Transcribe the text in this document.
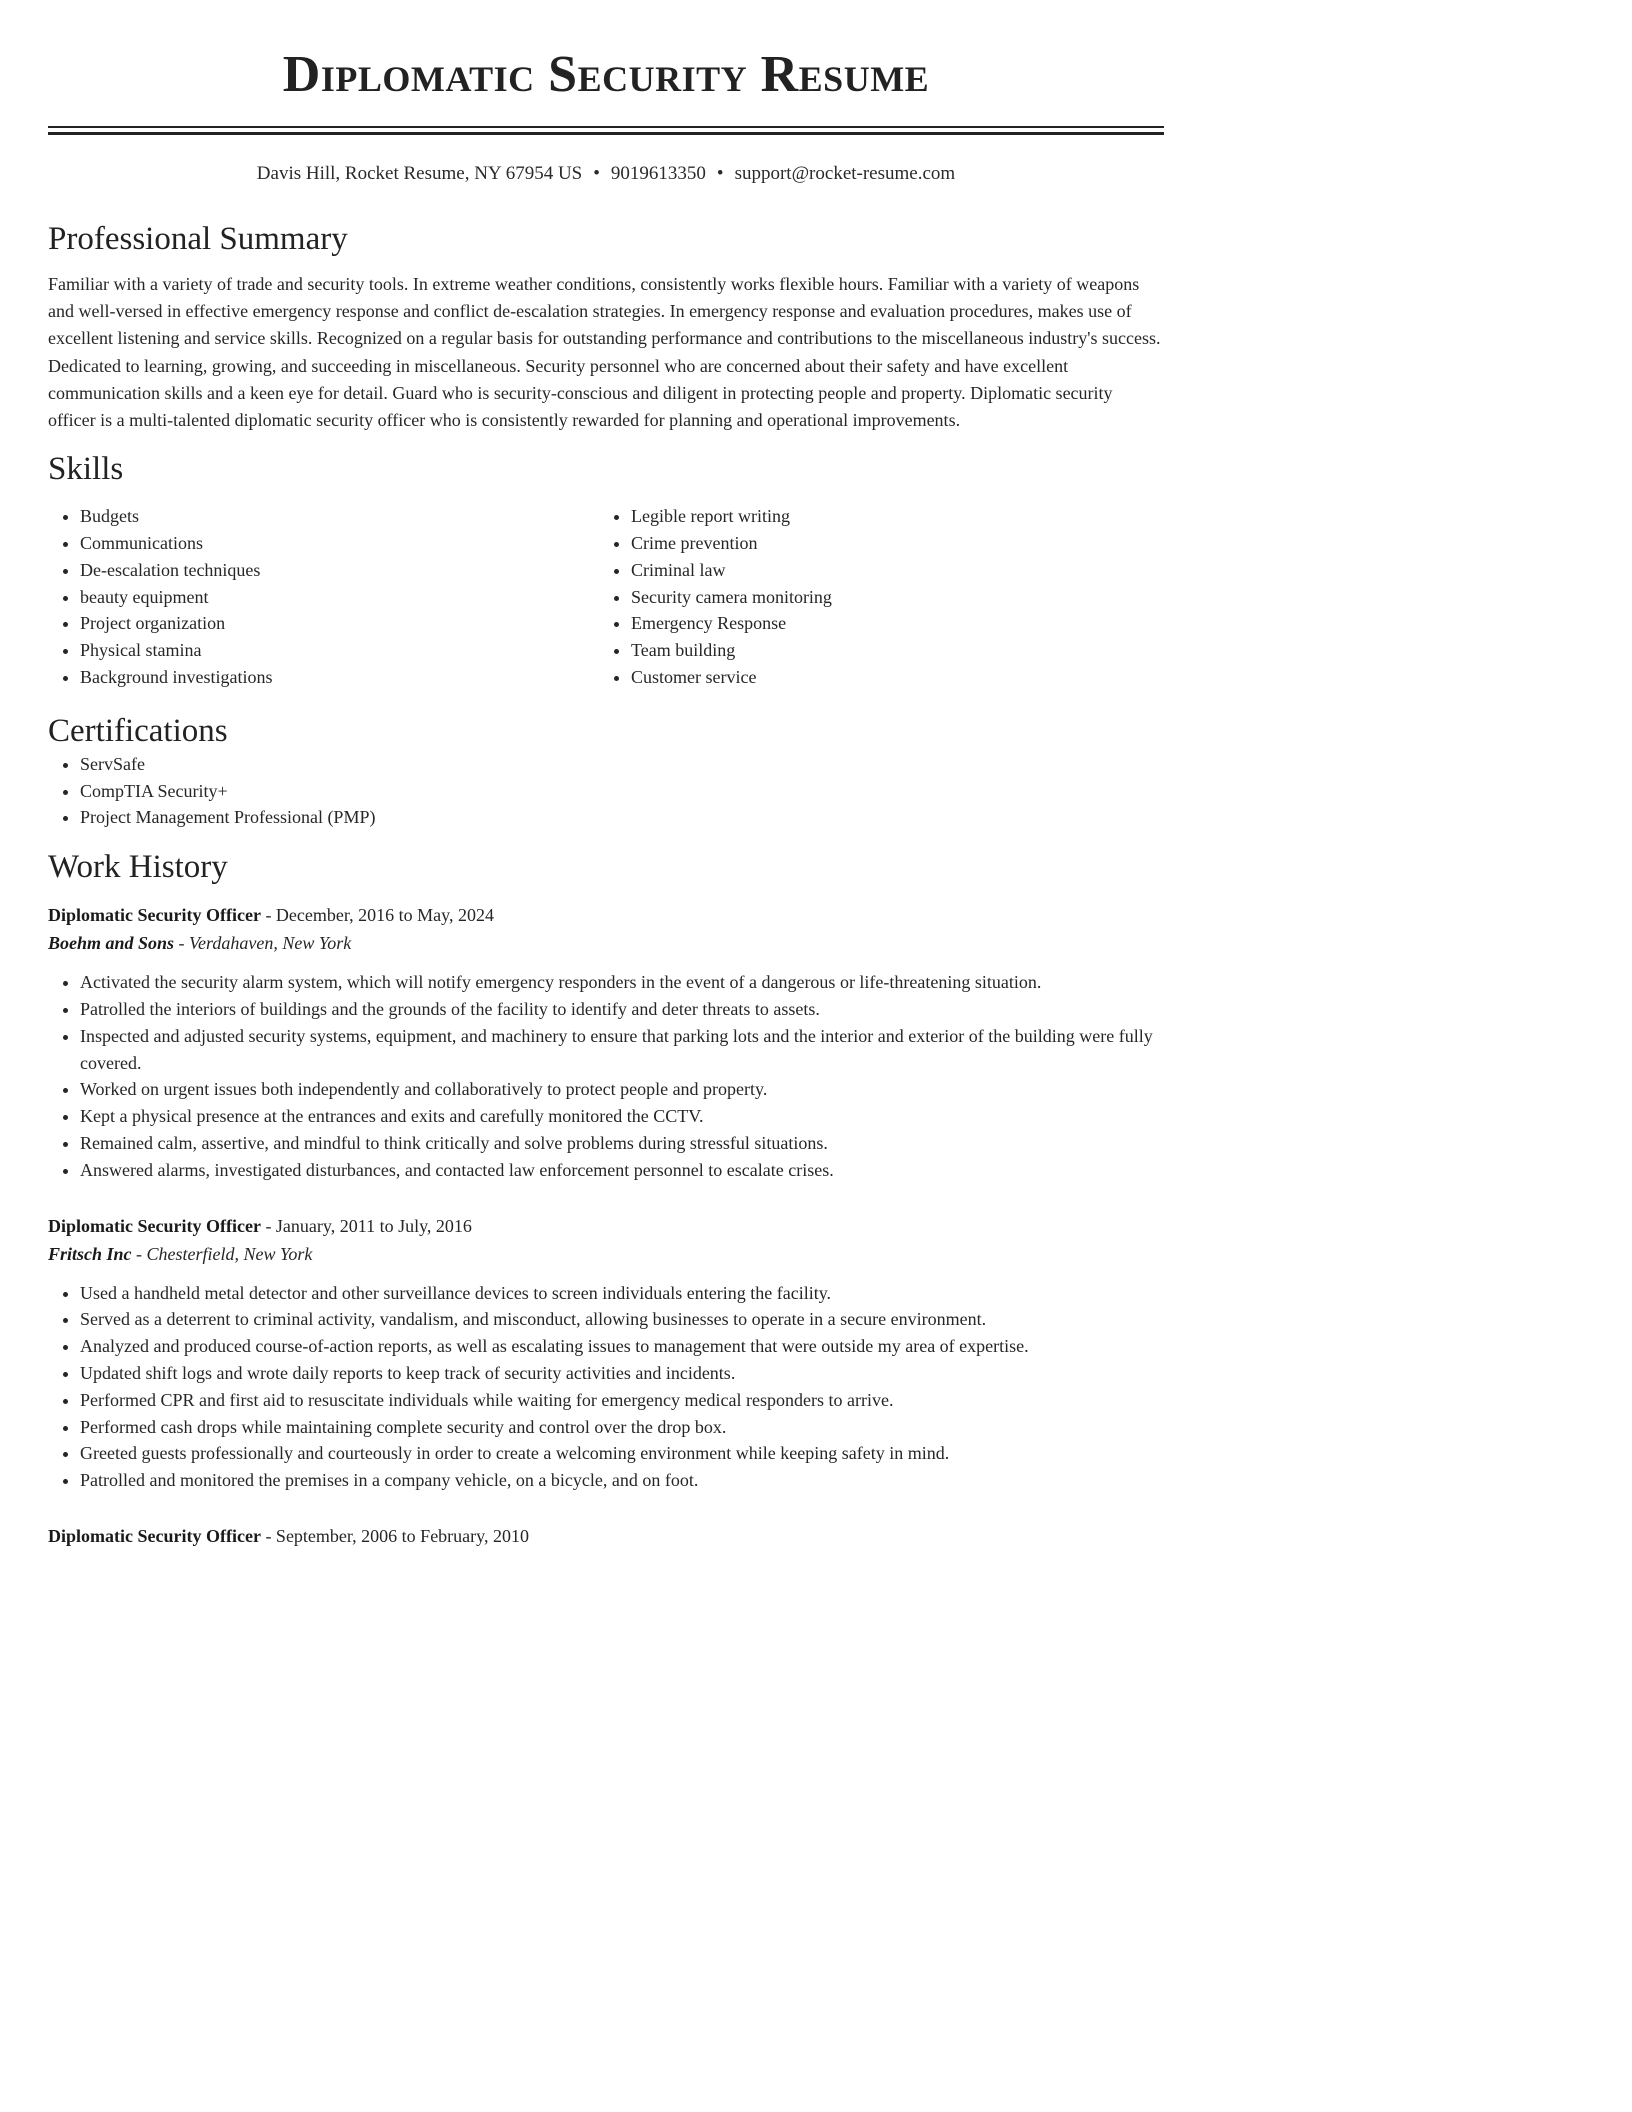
Diplomatic Security Resume
Davis Hill, Rocket Resume, NY 67954 US • 9019613350 • support@rocket-resume.com
Professional Summary

Familiar with a variety of trade and security tools. In extreme weather conditions, consistently works flexible hours. Familiar with a variety of weapons and well-versed in effective emergency response and conflict de-escalation strategies. In emergency response and evaluation procedures, makes use of excellent listening and service skills. Recognized on a regular basis for outstanding performance and contributions to the miscellaneous industry's success. Dedicated to learning, growing, and succeeding in miscellaneous. Security personnel who are concerned about their safety and have excellent communication skills and a keen eye for detail. Guard who is security-conscious and diligent in protecting people and property. Diplomatic security officer is a multi-talented diplomatic security officer who is consistently rewarded for planning and operational improvements.

Skills
• Budgets
• Communications
• De-escalation techniques
• beauty equipment
• Project organization
• Physical stamina
• Background investigations
• Legible report writing
• Crime prevention
• Criminal law
• Security camera monitoring
• Emergency Response
• Team building
• Customer service
Certifications
• ServSafe
• CompTIA Security+
• Project Management Professional (PMP)
Work History
Diplomatic Security Officer - December, 2016 to May, 2024
Boehm and Sons - Verdahaven, New York
• Activated the security alarm system, which will notify emergency responders in the event of a dangerous or life-threatening situation.
• Patrolled the interiors of buildings and the grounds of the facility to identify and deter threats to assets.
• Inspected and adjusted security systems, equipment, and machinery to ensure that parking lots and the interior and exterior of the building were fully covered.
• Worked on urgent issues both independently and collaboratively to protect people and property.
• Kept a physical presence at the entrances and exits and carefully monitored the CCTV.
• Remained calm, assertive, and mindful to think critically and solve problems during stressful situations.
• Answered alarms, investigated disturbances, and contacted law enforcement personnel to escalate crises.
Diplomatic Security Officer - January, 2011 to July, 2016
Fritsch Inc - Chesterfield, New York
• Used a handheld metal detector and other surveillance devices to screen individuals entering the facility.
• Served as a deterrent to criminal activity, vandalism, and misconduct, allowing businesses to operate in a secure environment.
• Analyzed and produced course-of-action reports, as well as escalating issues to management that were outside my area of expertise.
• Updated shift logs and wrote daily reports to keep track of security activities and incidents.
• Performed CPR and first aid to resuscitate individuals while waiting for emergency medical responders to arrive.
• Performed cash drops while maintaining complete security and control over the drop box.
• Greeted guests professionally and courteously in order to create a welcoming environment while keeping safety in mind.
• Patrolled and monitored the premises in a company vehicle, on a bicycle, and on foot.
Diplomatic Security Officer - September, 2006 to February, 2010
